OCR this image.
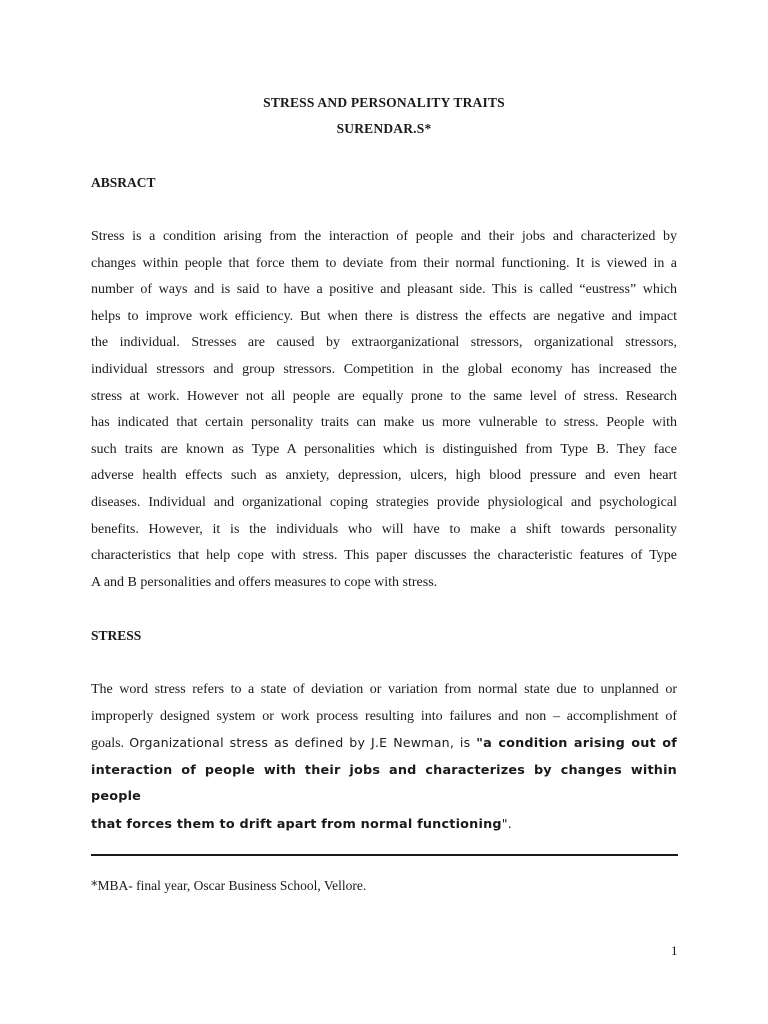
STRESS AND PERSONALITY TRAITS
SURENDAR.S*
ABSRACT
Stress is a condition arising from the interaction of people and their jobs and characterized by
changes within people that force them to deviate from their normal functioning. It is viewed in a
number of ways and is said to have a positive and pleasant side. This is called “eustress” which
helps to improve work efficiency. But when there is distress the effects are negative and impact
the individual. Stresses are caused by extraorganizational stressors, organizational stressors,
individual stressors and group stressors. Competition in the global economy has increased the
stress at work. However not all people are equally prone to the same level of stress. Research
has indicated that certain personality traits can make us more vulnerable to stress. People with
such traits are known as Type A personalities which is distinguished from Type B. They face
adverse health effects such as anxiety, depression, ulcers, high blood pressure and even heart
diseases. Individual and organizational coping strategies provide physiological and psychological
benefits. However, it is the individuals who will have to make a shift towards personality
characteristics that help cope with stress. This paper discusses the characteristic features of Type
A and B personalities and offers measures to cope with stress.
STRESS
The word stress refers to a state of deviation or variation from normal state due to unplanned or
improperly designed system or work process resulting into failures and non – accomplishment of
goals. Organizational stress as defined by J.E Newman, is "a condition arising out of
interaction of people with their jobs and characterizes by changes within people
that forces them to drift apart from normal functioning".
*MBA- final year, Oscar Business School, Vellore.
1
